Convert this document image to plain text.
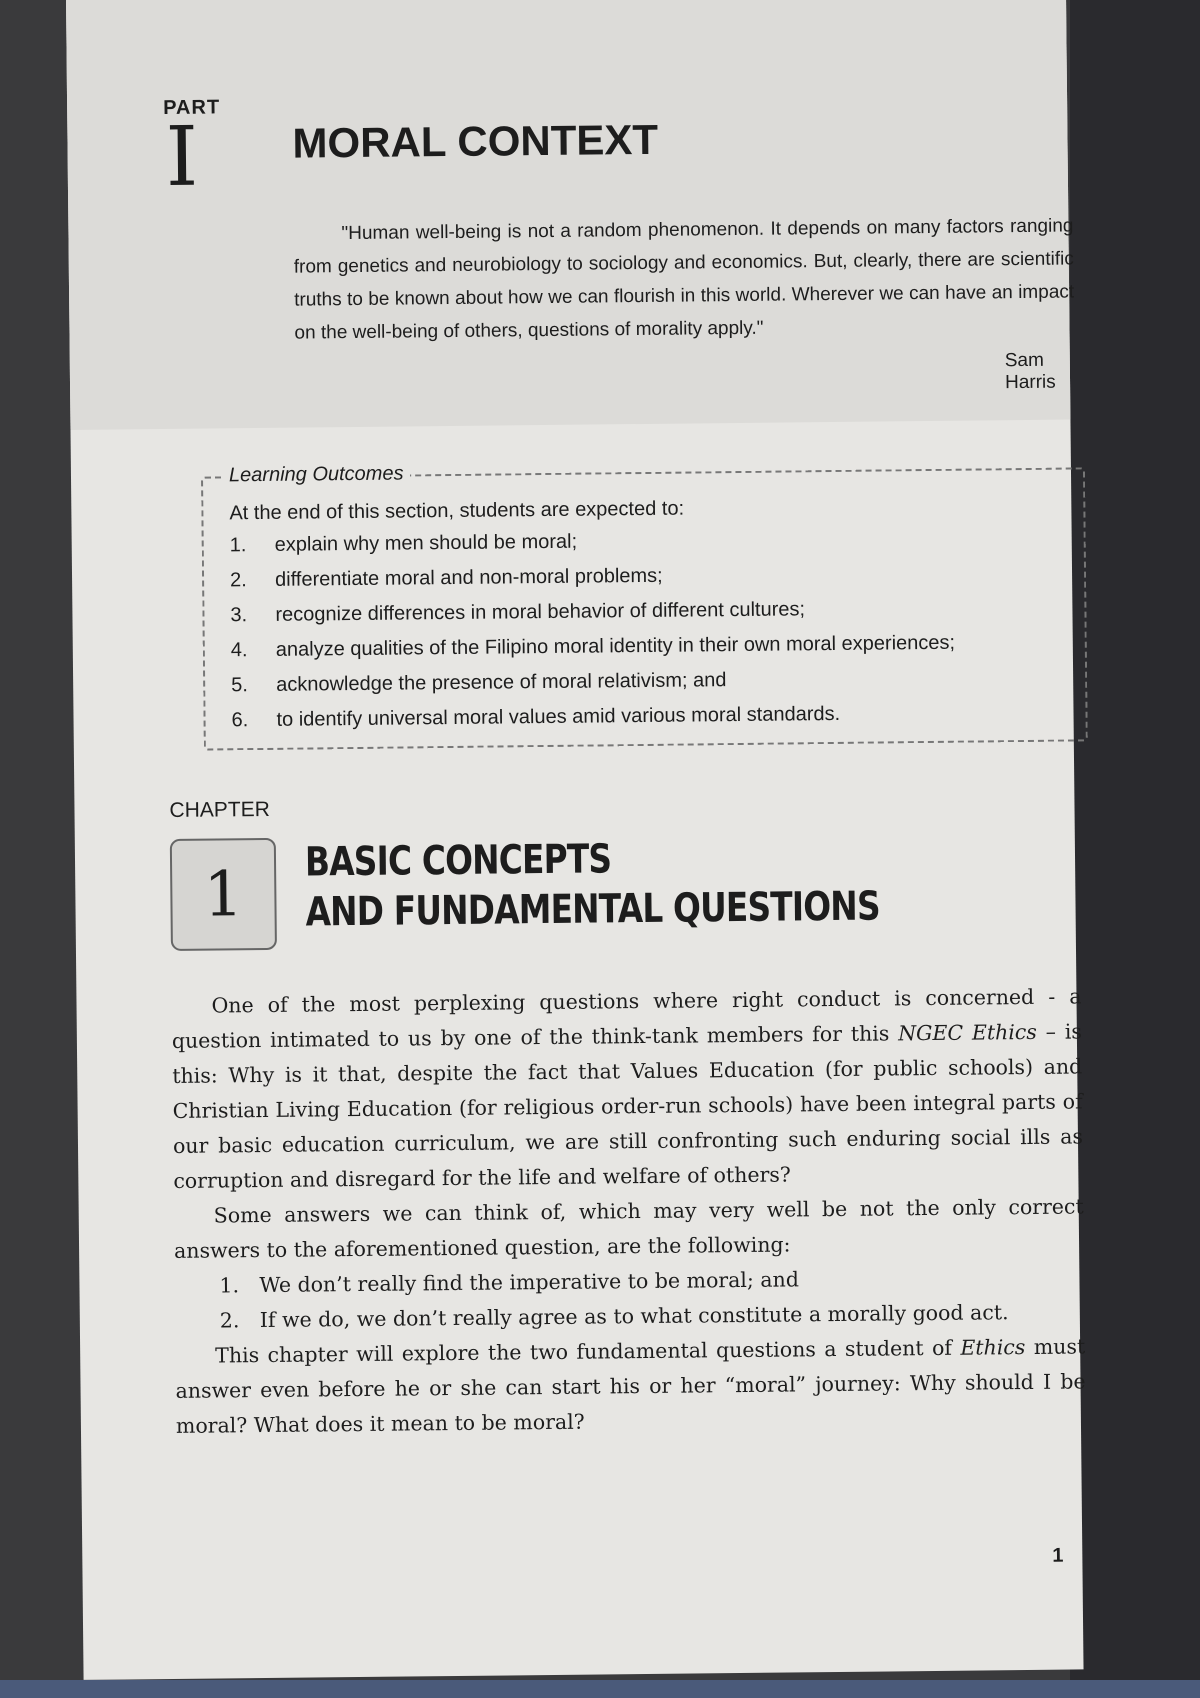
PART
I MORAL CONTEXT
"Human well-being is not a random phenomenon. It depends on many factors ranging from genetics and neurobiology to sociology and economics. But, clearly, there are scientific truths to be known about how we can flourish in this world. Wherever we can have an impact on the well-being of others, questions of morality apply."
Sam Harris
Learning Outcomes
At the end of this section, students are expected to:
1.	explain why men should be moral;
2.	differentiate moral and non-moral problems;
3.	recognize differences in moral behavior of different cultures;
4.	analyze qualities of the Filipino moral identity in their own moral experiences;
5.	acknowledge the presence of moral relativism; and
6.	to identify universal moral values amid various moral standards.
CHAPTER
1	BASIC CONCEPTS
AND FUNDAMENTAL QUESTIONS

One of the most perplexing questions where right conduct is concerned - a question intimated to us by one of the think-tank members for this NGEC Ethics – is this: Why is it that, despite the fact that Values Education (for public schools) and Christian Living Education (for religious order-run schools) have been integral parts of our basic education curriculum, we are still confronting such enduring social ills as corruption and disregard for the life and welfare of others?

Some answers we can think of, which may very well be not the only correct answers to the aforementioned question, are the following:

1. We don’t really find the imperative to be moral; and
2. If we do, we don’t really agree as to what constitute a morally good act.

This chapter will explore the two fundamental questions a student of Ethics must answer even before he or she can start his or her “moral” journey: Why should I be moral? What does it mean to be moral?

1
